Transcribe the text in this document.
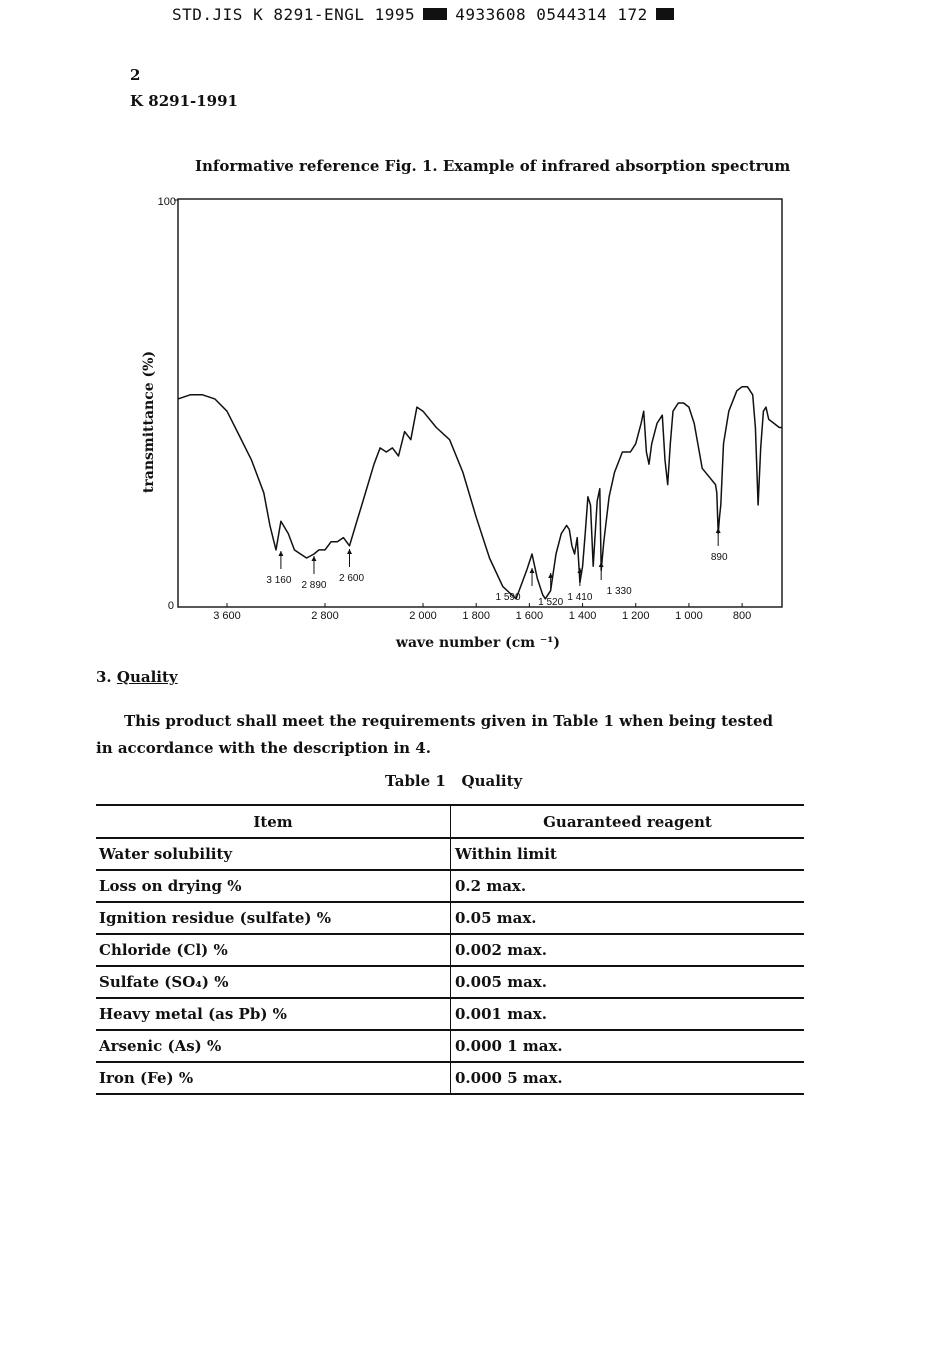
STD.JIS K 8291-ENGL 1995	4933608 0544314 172
2
K 8291-1991
Informative reference Fig. 1. Example of infrared absorption spectrum
100
0
3 600	2 800	2 000 1 800 1 600 1 400 1 200 1 000	800
wave number (cm ⁻¹)
transmittance (%)
3 160 2 890
2 600
1 590 1 520 1 410
1 330
890
3. Quality
This product shall meet the requirements given in Table 1 when being tested in accordance with the description in 4.
Table 1   Quality
Item	Guaranteed reagent
Water solubility	Within limit
Loss on drying %	0.2 max.
Ignition residue (sulfate) %	0.05 max.
Chloride (Cl) %	0.002 max.
Sulfate (SO₄) %	0.005 max.
Heavy metal (as Pb) %	0.001 max.
Arsenic (As) %	0.000 1 max.
Iron (Fe) %	0.000 5 max.
